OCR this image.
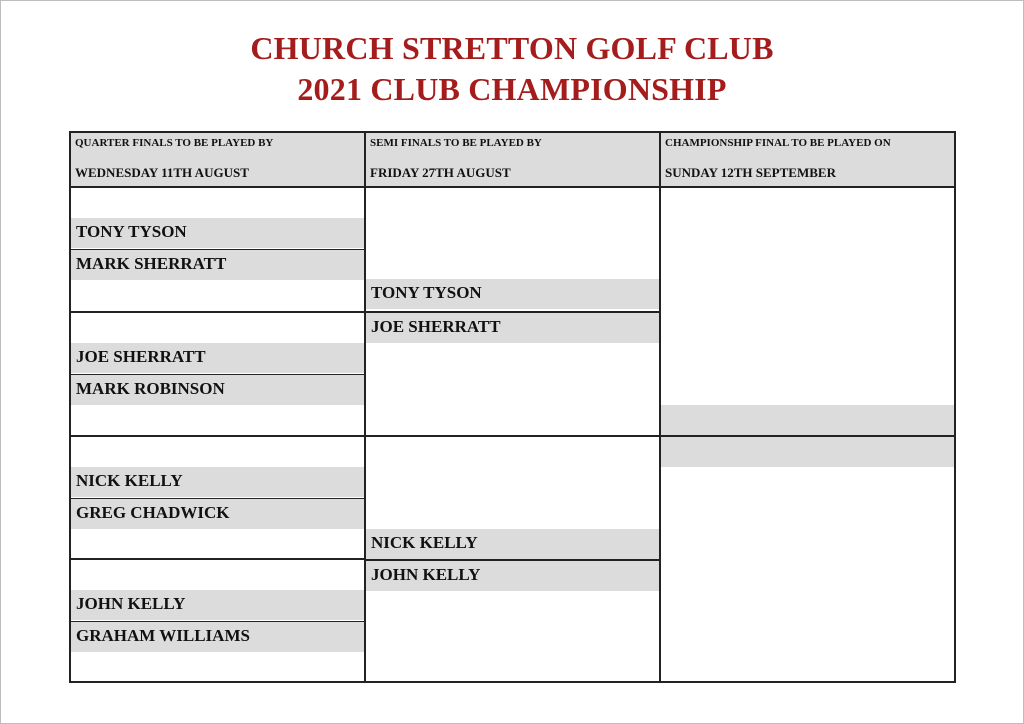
CHURCH STRETTON GOLF CLUB
2021 CLUB CHAMPIONSHIP
QUARTER FINALS TO BE PLAYED BY
WEDNESDAY 11TH AUGUST
SEMI FINALS TO BE PLAYED BY
FRIDAY 27TH AUGUST
CHAMPIONSHIP FINAL TO BE PLAYED ON
SUNDAY 12TH SEPTEMBER
TONY TYSON
MARK SHERRATT
JOE SHERRATT
MARK ROBINSON
NICK KELLY
GREG CHADWICK
JOHN KELLY
GRAHAM WILLIAMS
TONY TYSON
JOE SHERRATT
NICK KELLY
JOHN KELLY
